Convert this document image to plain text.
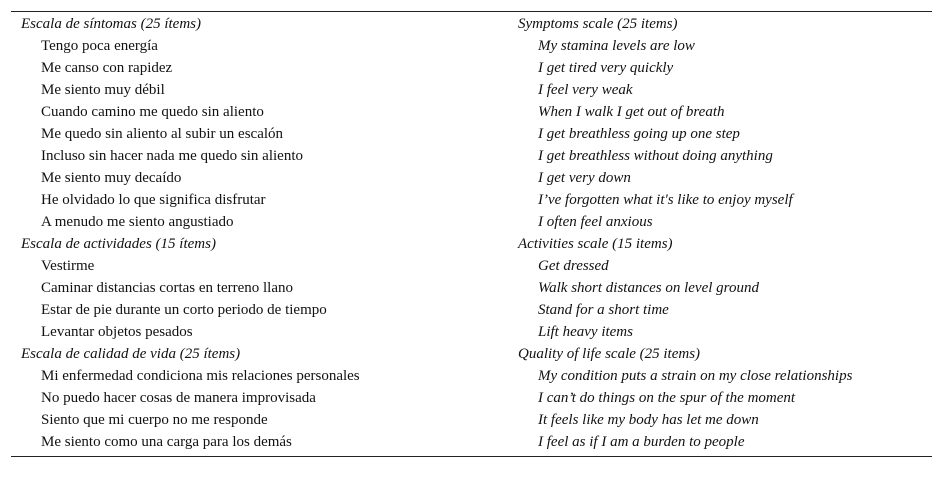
Escala de síntomas (25 ítems)	Symptoms scale (25 items)
Tengo poca energía	My stamina levels are low
Me canso con rapidez	I get tired very quickly
Me siento muy débil	I feel very weak
Cuando camino me quedo sin aliento	When I walk I get out of breath
Me quedo sin aliento al subir un escalón	I get breathless going up one step
Incluso sin hacer nada me quedo sin aliento	I get breathless without doing anything
Me siento muy decaído	I get very down
He olvidado lo que significa disfrutar	I’ve forgotten what it's like to enjoy myself
A menudo me siento angustiado	I often feel anxious
Escala de actividades (15 ítems)	Activities scale (15 items)
Vestirme	Get dressed
Caminar distancias cortas en terreno llano	Walk short distances on level ground
Estar de pie durante un corto periodo de tiempo	Stand for a short time
Levantar objetos pesados	Lift heavy items
Escala de calidad de vida (25 ítems)	Quality of life scale (25 items)
Mi enfermedad condiciona mis relaciones personales	My condition puts a strain on my close relationships
No puedo hacer cosas de manera improvisada	I can’t do things on the spur of the moment
Siento que mi cuerpo no me responde	It feels like my body has let me down
Me siento como una carga para los demás	I feel as if I am a burden to people
